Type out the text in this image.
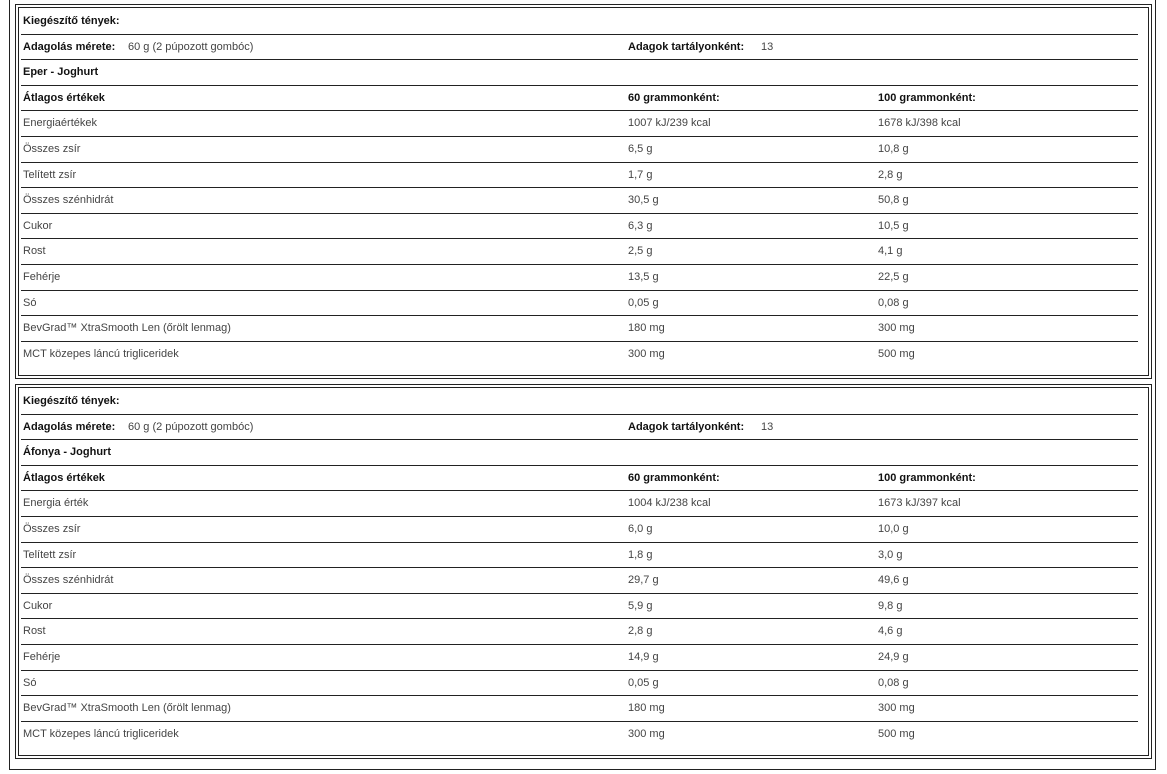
Kiegészítő tények:
Adagolás mérete: 60 g (2 púpozott gombóc)	Adagok tartályonként: 13
Eper - Joghurt
Átlagos értékek	60 grammonként:	100 grammonként:
Energiaértékek	1007 kJ/239 kcal	1678 kJ/398 kcal
Összes zsír	6,5 g	10,8 g
Telített zsír	1,7 g	2,8 g
Összes szénhidrát	30,5 g	50,8 g
Cukor	6,3 g	10,5 g
Rost	2,5 g	4,1 g
Fehérje	13,5 g	22,5 g
Só	0,05 g	0,08 g
BevGrad™ XtraSmooth Len (őrölt lenmag)	180 mg	300 mg
MCT közepes láncú trigliceridek	300 mg	500 mg
Kiegészítő tények:
Adagolás mérete: 60 g (2 púpozott gombóc)	Adagok tartályonként: 13
Áfonya - Joghurt
Átlagos értékek	60 grammonként:	100 grammonként:
Energia érték	1004 kJ/238 kcal	1673 kJ/397 kcal
Összes zsír	6,0 g	10,0 g
Telített zsír	1,8 g	3,0 g
Összes szénhidrát	29,7 g	49,6 g
Cukor	5,9 g	9,8 g
Rost	2,8 g	4,6 g
Fehérje	14,9 g	24,9 g
Só	0,05 g	0,08 g
BevGrad™ XtraSmooth Len (őrölt lenmag)	180 mg	300 mg
MCT közepes láncú trigliceridek	300 mg	500 mg
